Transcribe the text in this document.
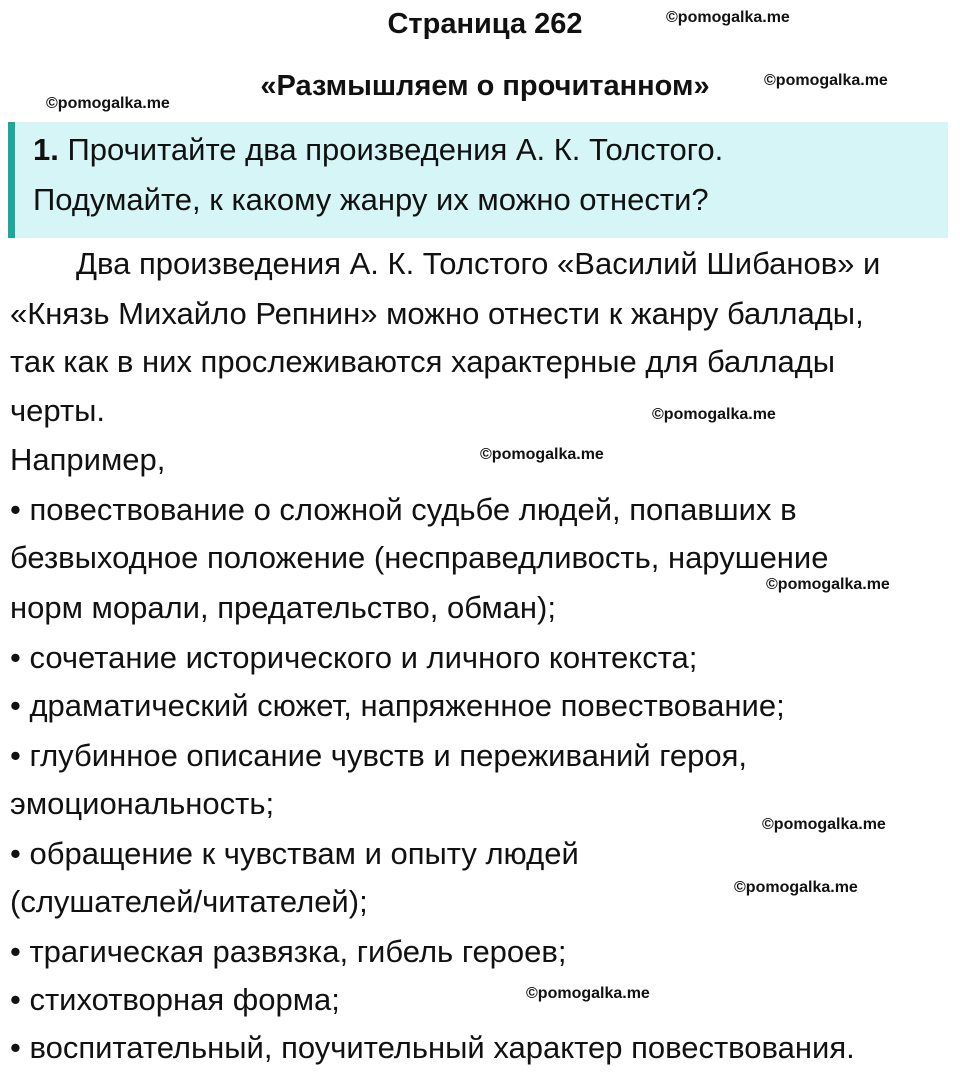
Страница 262
«Размышляем о прочитанном»
©pomogalka.me
©pomogalka.me
©pomogalka.me
1. Прочитайте два произведения А. К. Толстого.
Подумайте, к какому жанру их можно отнести?
Два произведения А. К. Толстого «Василий Шибанов» и
«Князь Михайло Репнин» можно отнести к жанру баллады,
так как в них прослеживаются характерные для баллады
черты.	©pomogalka.me
Например,	©pomogalka.me
• повествование о сложной судьбе людей, попавших в
безвыходное положение (несправедливость, нарушение
©pomogalka.me
норм морали, предательство, обман);
• сочетание исторического и личного контекста;
• драматический сюжет, напряженное повествование;
• глубинное описание чувств и переживаний героя,
эмоциональность;
©pomogalka.me
• обращение к чувствам и опыту людей
©pomogalka.me
(слушателей/читателей);
• трагическая развязка, гибель героев;
• стихотворная форма;	©pomogalka.me
• воспитательный, поучительный характер повествования.
